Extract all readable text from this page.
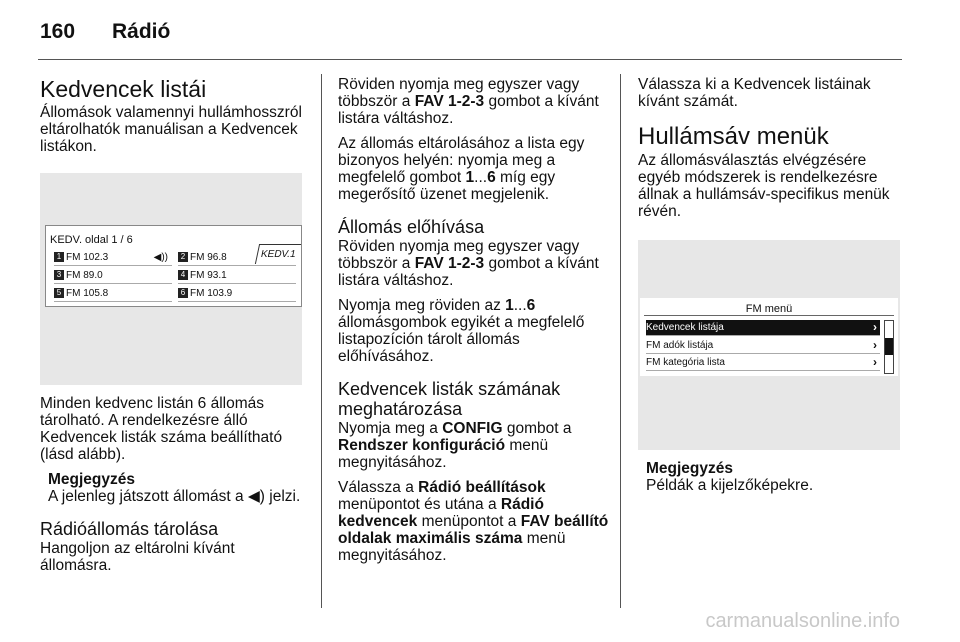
160 Rádió
Kedvencek listái

Állomások valamennyi hullámhosszról eltárolhatók manuálisan a Kedvencek listákon.

KEDV. oldal 1 / 6
KEDV.1
1 FM 102.3	◀))	2 FM 96.8
3 FM 89.0	4 FM 93.1
5 FM 105.8	6 FM 103.9

Minden kedvenc listán 6 állomás tárolható. A rendelkezésre álló Kedvencek listák száma beállítható (lásd alább).

Megjegyzés
A jelenleg játszott állomást a ◀) jelzi.
Rádióállomás tárolása

Hangoljon az eltárolni kívánt állomásra.

Röviden nyomja meg egyszer vagy többször a FAV 1-2-3 gombot a kívánt listára váltáshoz.

Az állomás eltárolásához a lista egy bizonyos helyén: nyomja meg a megfelelő gombot 1...6 míg egy megerősítő üzenet megjelenik.

Állomás előhívása

Röviden nyomja meg egyszer vagy többször a FAV 1-2-3 gombot a kívánt listára váltáshoz.

Nyomja meg röviden az 1...6 állomásgombok egyikét a megfelelő listapozíción tárolt állomás előhívásához.

Kedvencek listák számának meghatározása

Nyomja meg a CONFIG gombot a Rendszer konfiguráció menü megnyitásához.

Válassza a Rádió beállítások menüpontot és utána a Rádió kedvencek menüpontot a FAV beállító oldalak maximális száma menü megnyitásához.

Válassza ki a Kedvencek listáinak kívánt számát.

Hullámsáv menük

Az állomásválasztás elvégzésére egyéb módszerek is rendelkezésre állnak a hullámsáv-specifikus menük révén.

FM menü
Kedvencek listája	›
FM adók listája	›
FM kategória lista	›
Megjegyzés
Példák a kijelzőképekre.
carmanualsonline.info
